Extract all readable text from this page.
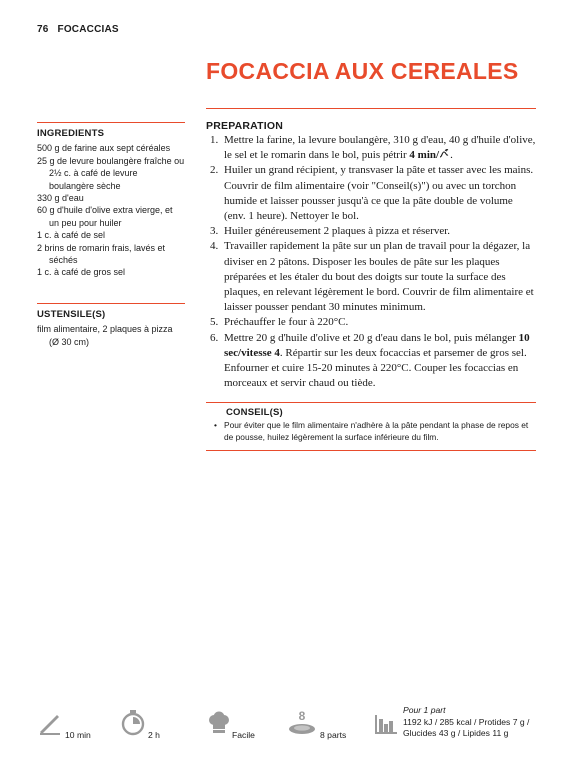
76 FOCACCIAS
FOCACCIA AUX CEREALES
INGREDIENTS
500 g de farine aux sept céréales
25 g de levure boulangère fraîche ou 2½ c. à café de levure boulangère sèche
330 g d'eau
60 g d'huile d'olive extra vierge, et un peu pour huiler
1 c. à café de sel
2 brins de romarin frais, lavés et séchés
1 c. à café de gros sel
USTENSILE(S)
film alimentaire, 2 plaques à pizza (Ø 30 cm)
PREPARATION
1. Mettre la farine, la levure boulangère, 310 g d'eau, 40 g d'huile d'olive, le sel et le romarin dans le bol, puis pétrir 4 min/ .
2. Huiler un grand récipient, y transvaser la pâte et tasser avec les mains. Couvrir de film alimentaire (voir "Conseil(s)") ou avec un torchon humide et laisser pousser jusqu'à ce que la pâte double de volume (env. 1 heure). Nettoyer le bol.
3. Huiler généreusement 2 plaques à pizza et réserver.
4. Travailler rapidement la pâte sur un plan de travail pour la dégazer, la diviser en 2 pâtons. Disposer les boules de pâte sur les plaques préparées et les étaler du bout des doigts sur toute la surface des plaques, en relevant légèrement le bord. Couvrir de film alimentaire et laisser pousser pendant 30 minutes minimum.
5. Préchauffer le four à 220°C.
6. Mettre 20 g d'huile d'olive et 20 g d'eau dans le bol, puis mélanger 10 sec/vitesse 4. Répartir sur les deux focaccias et parsemer de gros sel. Enfourner et cuire 15-20 minutes à 220°C. Couper les focaccias en morceaux et servir chaud ou tiède.
CONSEIL(S)
• Pour éviter que le film alimentaire n'adhère à la pâte pendant la phase de repos et de pousse, huilez légèrement la surface inférieure du film.
10 min	2 h	Facile
8
8 parts
Pour 1 part
1192 kJ / 285 kcal / Protides 7 g /
Glucides 43 g / Lipides 11 g
